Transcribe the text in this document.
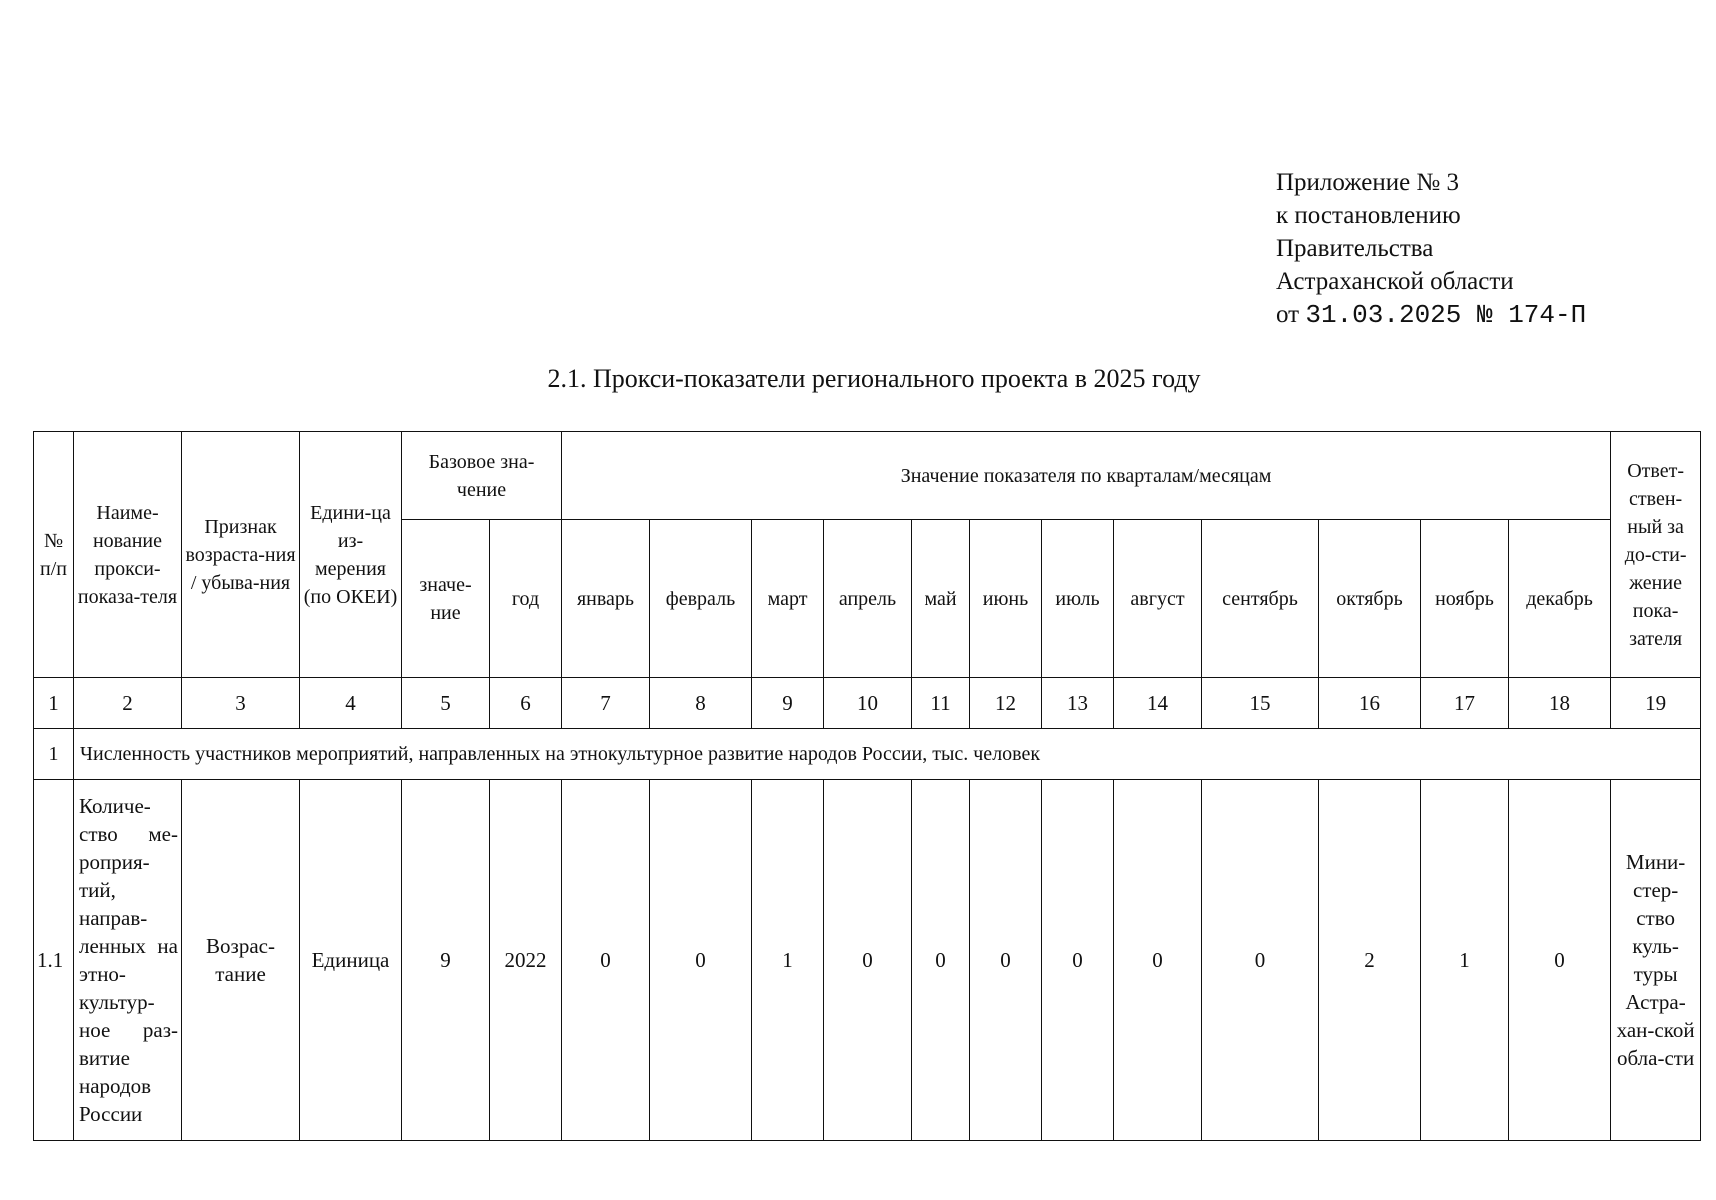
Приложение № 3
к постановлению
Правительства
Астраханской области
от 31.03.2025 № 174-П
2.1. Прокси-показатели регионального проекта в 2025 году
№ п/п	Наиме-нование прокси-показа-теля	Признак возраста-ния / убыва-ния	Едини-ца из-мерения (по ОКЕИ)	Базовое зна-чение		Значение показателя по кварталам/месяцам												Ответ-ствен-ный за до-сти-жение пока-зателя
				значе-ние	год	январь	февраль	март	апрель	май	июнь	июль	август	сентябрь	октябрь	ноябрь	декабрь	
1	2	3	4	5	6	7	8	9	10	11	12	13	14	15	16	17	18	19
1	Численность участников мероприятий, направленных на этнокультурное развитие народов России, тыс. человек																	
1.1	Количе-ство ме-роприя-тий, направ-ленных на этно-культур-ное раз-витие народов России	Возрас-тание	Единица	9	2022	0	0	1	0	0	0	0	0	0	2	1	0	Мини-стер-ство куль-туры Астра-хан-ской обла-сти
